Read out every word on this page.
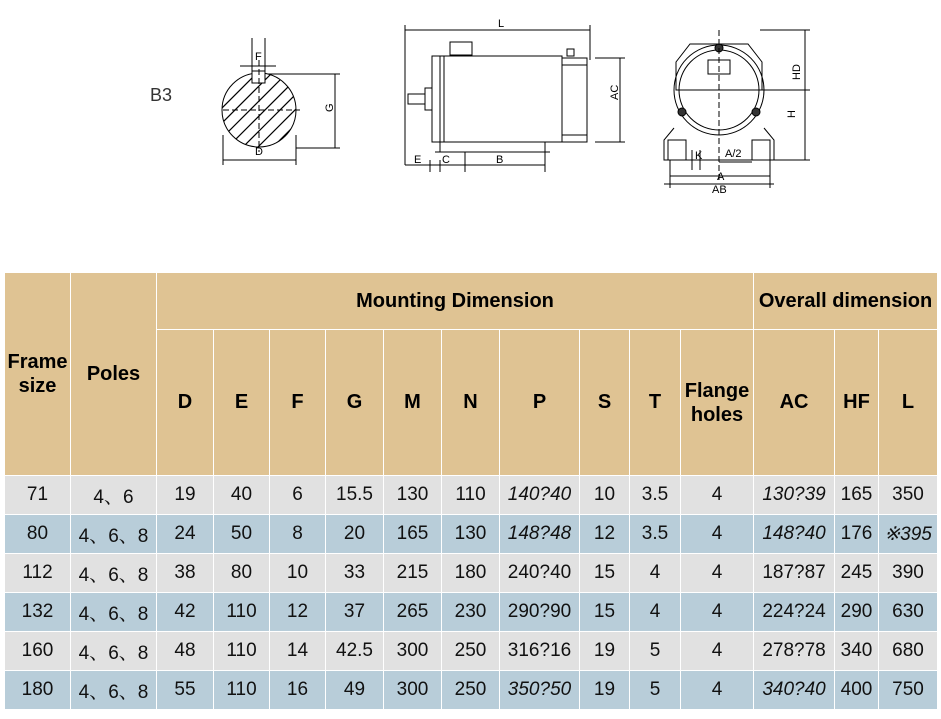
B3
F
G
D
L
AC
E C	B
HD
H
K A/2
A
AB
Frame size	Poles	Mounting Dimension										Overall dimension		
		D	E	F	G	M	N	P	S	T	Flange holes	AC	HF	L
71	4、6	19	40	6	15.5	130	110	140?40	10	3.5	4	130?39	165	350
80	4、6、8	24	50	8	20	165	130	148?48	12	3.5	4	148?40	176	※395
112	4、6、8	38	80	10	33	215	180	240?40	15	4	4	187?87	245	390
132	4、6、8	42	110	12	37	265	230	290?90	15	4	4	224?24	290	630
160	4、6、8	48	110	14	42.5	300	250	316?16	19	5	4	278?78	340	680
180	4、6、8	55	110	16	49	300	250	350?50	19	5	4	340?40	400	750
